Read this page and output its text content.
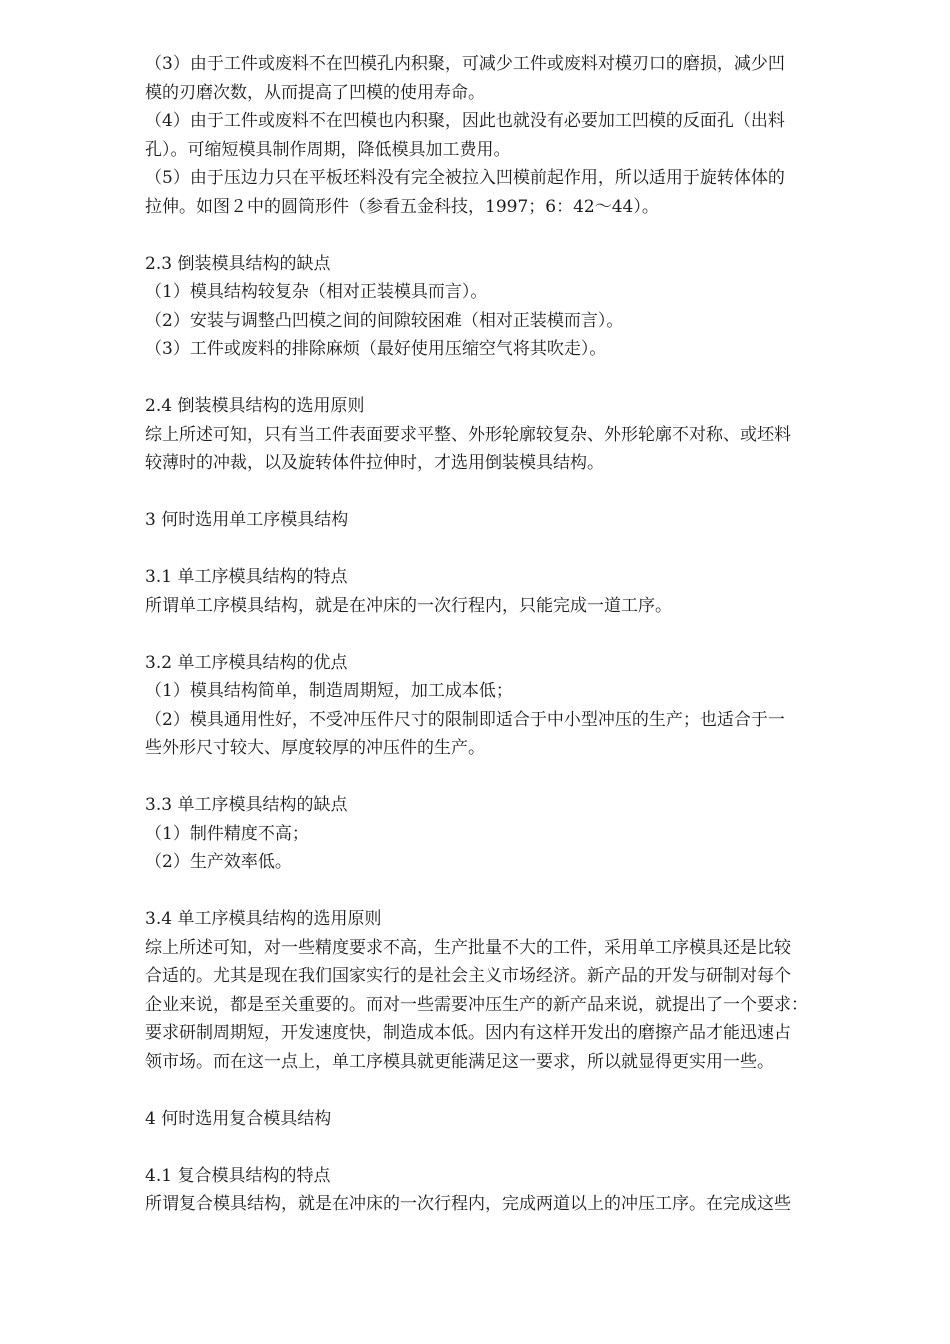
（3）由于工件或废料不在凹模孔内积聚，可减少工件或废料对模刃口的磨损，减少凹
模的刃磨次数，从而提高了凹模的使用寿命。
（4）由于工件或废料不在凹模也内积聚，因此也就没有必要加工凹模的反面孔（出料
孔）。可缩短模具制作周期，降低模具加工费用。
（5）由于压边力只在平板坯料没有完全被拉入凹模前起作用，所以适用于旋转体体的
拉伸。如图２中的圆筒形件（参看五金科技，1997；6：42～44）。
2.3 倒装模具结构的缺点
（1）模具结构较复杂（相对正装模具而言）。
（2）安装与调整凸凹模之间的间隙较困难（相对正装模而言）。
（3）工件或废料的排除麻烦（最好使用压缩空气将其吹走）。
2.4 倒装模具结构的选用原则
综上所述可知，只有当工件表面要求平整、外形轮廓较复杂、外形轮廓不对称、或坯料
较薄时的冲裁，以及旋转体件拉伸时，才选用倒装模具结构。
3 何时选用单工序模具结构
3.1 单工序模具结构的特点
所谓单工序模具结构，就是在冲床的一次行程内，只能完成一道工序。
3.2 单工序模具结构的优点
（1）模具结构简单，制造周期短，加工成本低；
（2）模具通用性好，不受冲压件尺寸的限制即适合于中小型冲压的生产；也适合于一
些外形尺寸较大、厚度较厚的冲压件的生产。
3.3 单工序模具结构的缺点
（1）制件精度不高；
（2）生产效率低。
3.4 单工序模具结构的选用原则
综上所述可知，对一些精度要求不高，生产批量不大的工件，采用单工序模具还是比较
合适的。尤其是现在我们国家实行的是社会主义市场经济。新产品的开发与研制对每个
企业来说，都是至关重要的。而对一些需要冲压生产的新产品来说，就提出了一个要求：
要求研制周期短，开发速度快，制造成本低。因内有这样开发出的磨擦产品才能迅速占
领市场。而在这一点上，单工序模具就更能满足这一要求，所以就显得更实用一些。
4 何时选用复合模具结构
4.1 复合模具结构的特点
所谓复合模具结构，就是在冲床的一次行程内，完成两道以上的冲压工序。在完成这些
